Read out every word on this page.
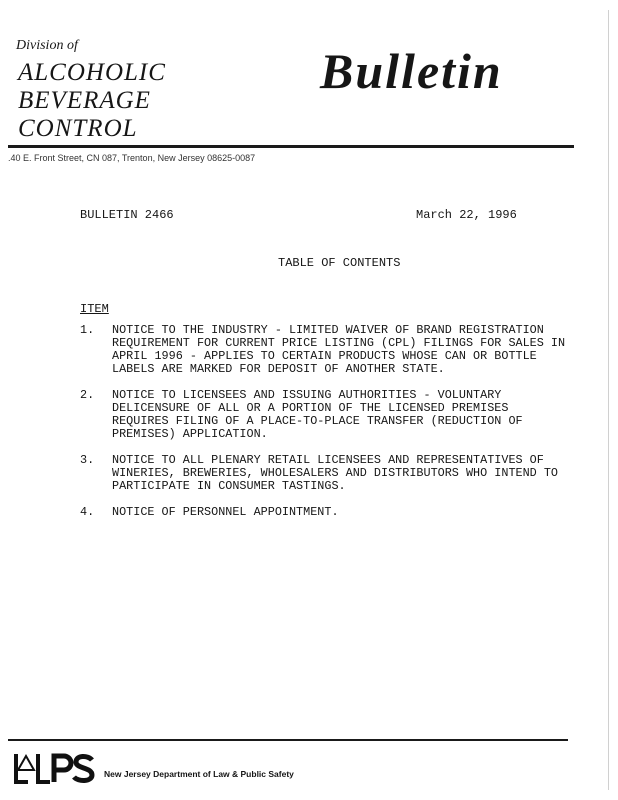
Division of
ALCOHOLIC
BEVERAGE
CONTROL
Bulletin
.40 E. Front Street, CN 087, Trenton, New Jersey 08625-0087
BULLETIN 2466	March 22, 1996
TABLE OF CONTENTS
ITEM
1.	NOTICE TO THE INDUSTRY - LIMITED WAIVER OF BRAND REGISTRATION REQUIREMENT FOR CURRENT PRICE LISTING (CPL) FILINGS FOR SALES IN APRIL 1996 - APPLIES TO CERTAIN PRODUCTS WHOSE CAN OR BOTTLE LABELS ARE MARKED FOR DEPOSIT OF ANOTHER STATE.
2.	NOTICE TO LICENSEES AND ISSUING AUTHORITIES - VOLUNTARY DELICENSURE OF ALL OR A PORTION OF THE LICENSED PREMISES REQUIRES FILING OF A PLACE-TO-PLACE TRANSFER (REDUCTION OF PREMISES) APPLICATION.
3.	NOTICE TO ALL PLENARY RETAIL LICENSEES AND REPRESENTATIVES OF WINERIES, BREWERIES, WHOLESALERS AND DISTRIBUTORS WHO INTEND TO PARTICIPATE IN CONSUMER TASTINGS.
4.	NOTICE OF PERSONNEL APPOINTMENT.
New Jersey Department of Law & Public Safety
